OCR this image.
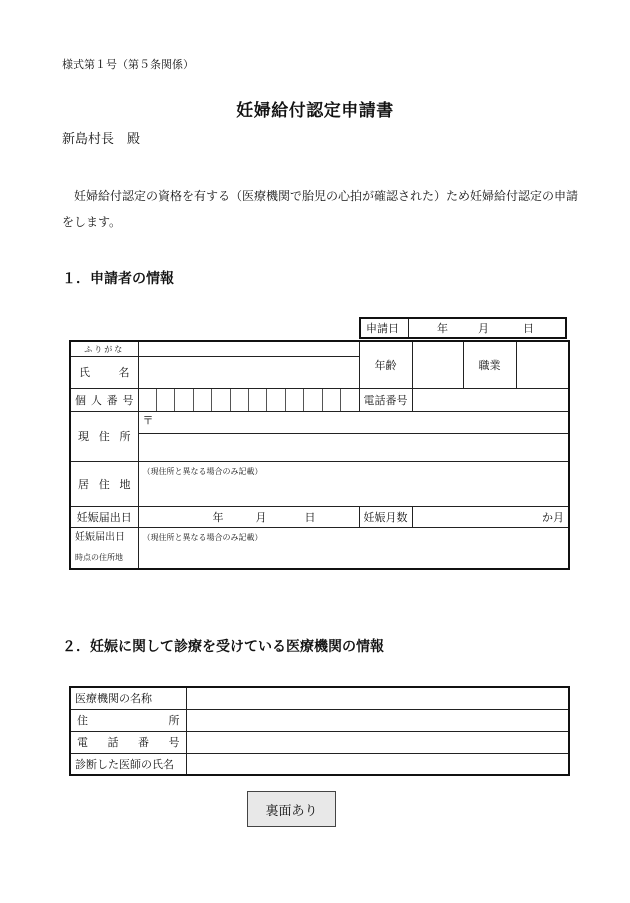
様式第１号（第５条関係）
妊婦給付認定申請書
新島村長　殿
妊婦給付認定の資格を有する（医療機関で胎児の心拍が確認された）ため妊婦給付認定の申請をします。
１．申請者の情報
申請日	年	月	日
ふりがな		年齢		職業	

氏 名					

個 人 番 号		電話番号			

現 住 所	〒				

居 住 地	（現住所と異なる場合のみ記載）				
妊娠届出日	年 月 日	妊娠月数	か月		

妊娠届出日
時点の住所地	（現住所と異なる場合のみ記載）				
２．妊娠に関して診療を受けている医療機関の情報
医療機関の名称	

住 所	

電 話 番 号	

診断した医師の氏名	
裏面あり
